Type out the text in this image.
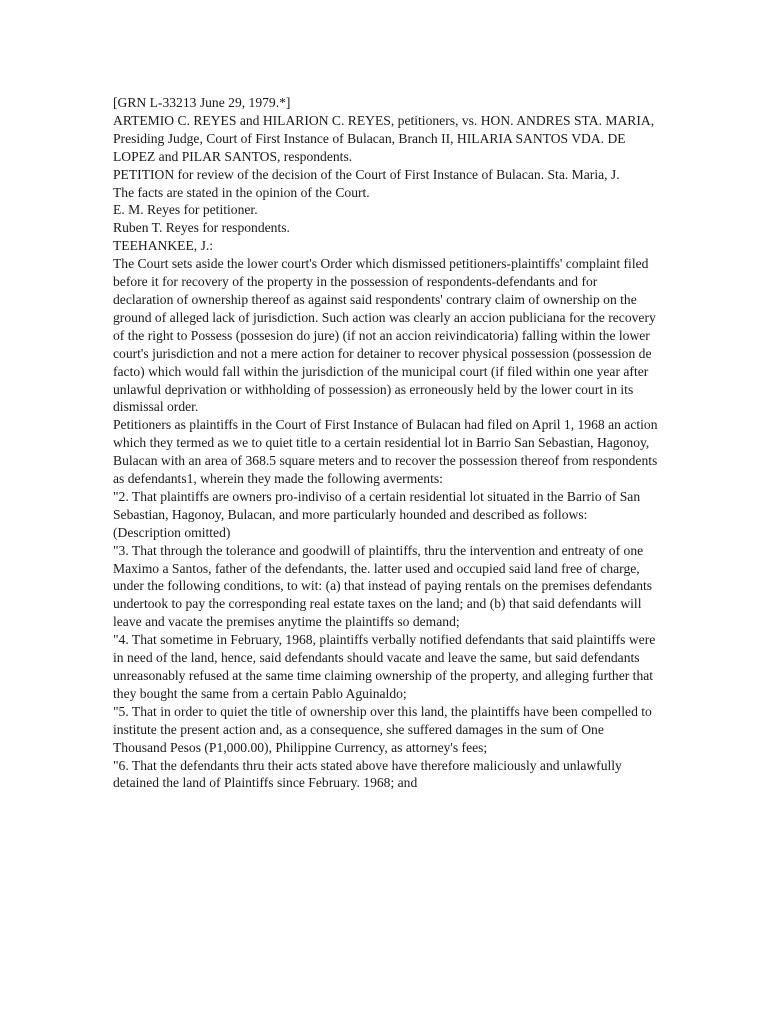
[GRN L-33213 June 29, 1979.*]

ARTEMIO C. REYES and HILARION C. REYES, petitioners, vs. HON. ANDRES STA. MARIA, Presiding Judge, Court of First Instance of Bulacan, Branch II, HILARIA SANTOS VDA. DE LOPEZ and PILAR SANTOS, respondents.

PETITION for review of the decision of the Court of First Instance of Bulacan. Sta. Maria, J.

The facts are stated in the opinion of the Court.

E. M. Reyes for petitioner.

Ruben T. Reyes for respondents.

TEEHANKEE, J.:

The Court sets aside the lower court's Order which dismissed petitioners-plaintiffs' complaint filed before it for recovery of the property in the possession of respondents-defendants and for declaration of ownership thereof as against said respondents' contrary claim of ownership on the ground of alleged lack of jurisdiction. Such action was clearly an accion publiciana for the recovery of the right to Possess (possesion do jure) (if not an accion reivindicatoria) falling within the lower court's jurisdiction and not a mere action for detainer to recover physical possession (possession de facto) which would fall within the jurisdiction of the municipal court (if filed within one year after unlawful deprivation or withholding of possession) as erroneously held by the lower court in its dismissal order.

Petitioners as plaintiffs in the Court of First Instance of Bulacan had filed on April 1, 1968 an action which they termed as we to quiet title to a certain residential lot in Barrio San Sebastian, Hagonoy, Bulacan with an area of 368.5 square meters and to recover the possession thereof from respondents as defendants1, wherein they made the following averments:

"2. That plaintiffs are owners pro-indiviso of a certain residential lot situated in the Barrio of San Sebastian, Hagonoy, Bulacan, and more particularly hounded and described as follows:

(Description omitted)

"3. That through the tolerance and goodwill of plaintiffs, thru the intervention and entreaty of one Maximo a Santos, father of the defendants, the. latter used and occupied said land free of charge, under the following conditions, to wit: (a) that instead of paying rentals on the premises defendants undertook to pay the corresponding real estate taxes on the land; and (b) that said defendants will leave and vacate the premises anytime the plaintiffs so demand;

"4. That sometime in February, 1968, plaintiffs verbally notified defendants that said plaintiffs were in need of the land, hence, said defendants should vacate and leave the same, but said defendants unreasonably refused at the same time claiming ownership of the property, and alleging further that they bought the same from a certain Pablo Aguinaldo;

"5. That in order to quiet the title of ownership over this land, the plaintiffs have been compelled to institute the present action and, as a consequence, she suffered damages in the sum of One Thousand Pesos (P1,000.00), Philippine Currency, as attorney's fees;

"6. That the defendants thru their acts stated above have therefore maliciously and unlawfully detained the land of Plaintiffs since February. 1968; and
